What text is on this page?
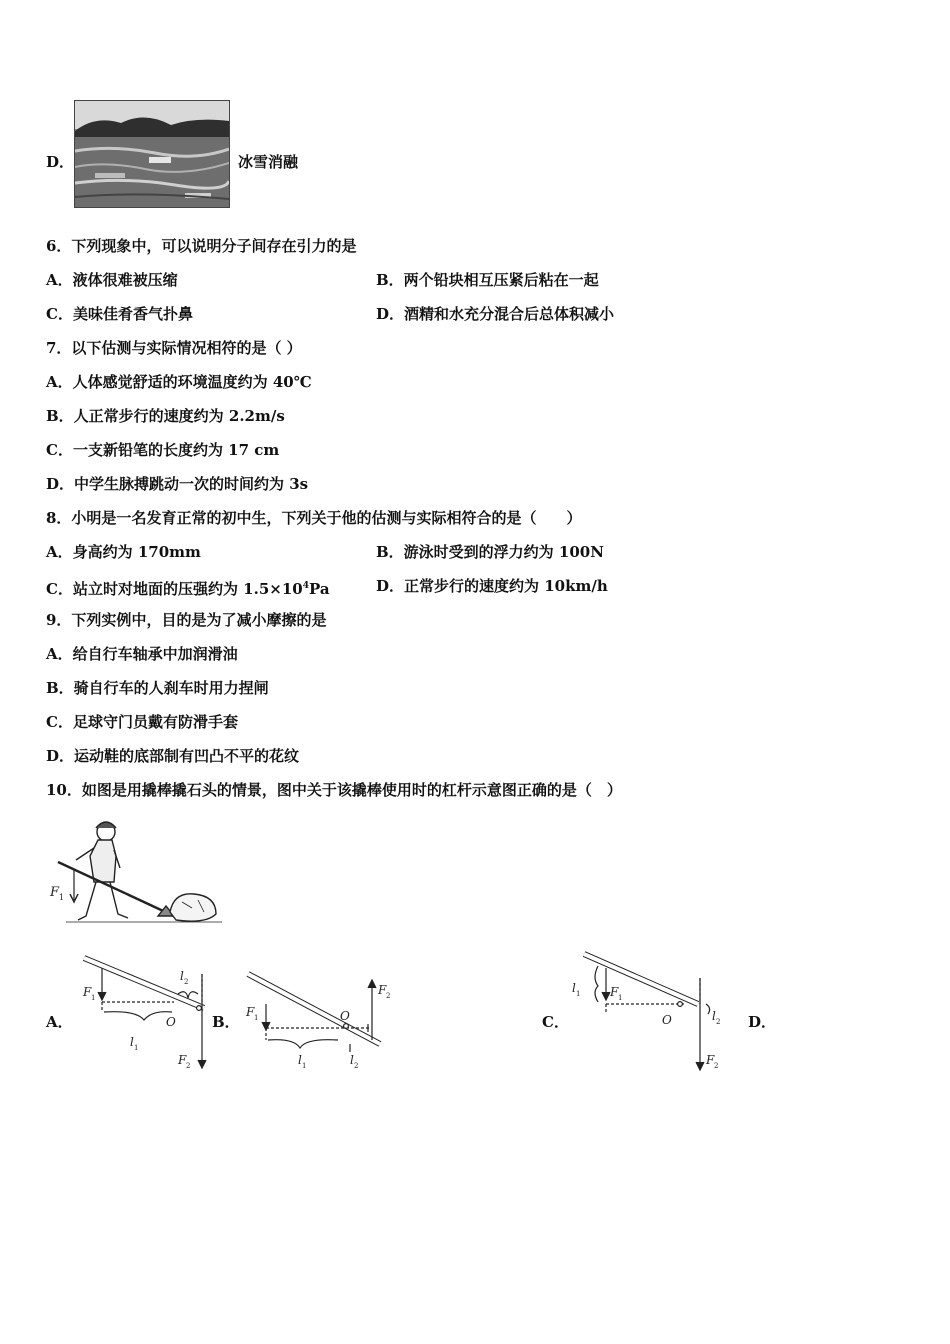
D．	冰雪消融
6．下列现象中，可以说明分子间存在引力的是
A．液体很难被压缩	B．两个铅块相互压紧后粘在一起
C．美味佳肴香气扑鼻	D．酒精和水充分混合后总体积减小
7．以下估测与实际情况相符的是（ ）
A．人体感觉舒适的环境温度约为 40℃
B．人正常步行的速度约为 2.2m/s
C．一支新铅笔的长度约为 17 cm
D．中学生脉搏跳动一次的时间约为 3s
8．小明是一名发育正常的初中生，下列关于他的估测与实际相符合的是（　　）
A．身高约为 170mm	B．游泳时受到的浮力约为 100N
C．站立时对地面的压强约为 $1.5\times 10^4Pa$	D．正常步行的速度约为 10km/h
9．下列实例中，目的是为了减小摩擦的是
A．给自行车轴承中加润滑油
B．骑自行车的人刹车时用力捏闸
C．足球守门员戴有防滑手套
D．运动鞋的底部制有凹凸不平的花纹
10．如图是用撬棒撬石头的情景，图中关于该撬棒使用时的杠杆示意图正确的是（　）
F 1
A．
F 1
l 1
O
l 2
F 2
B．
F 1
l 1
O
l 2
F 2
C．
l 1 F 1
O	l 2
F 2
D．
